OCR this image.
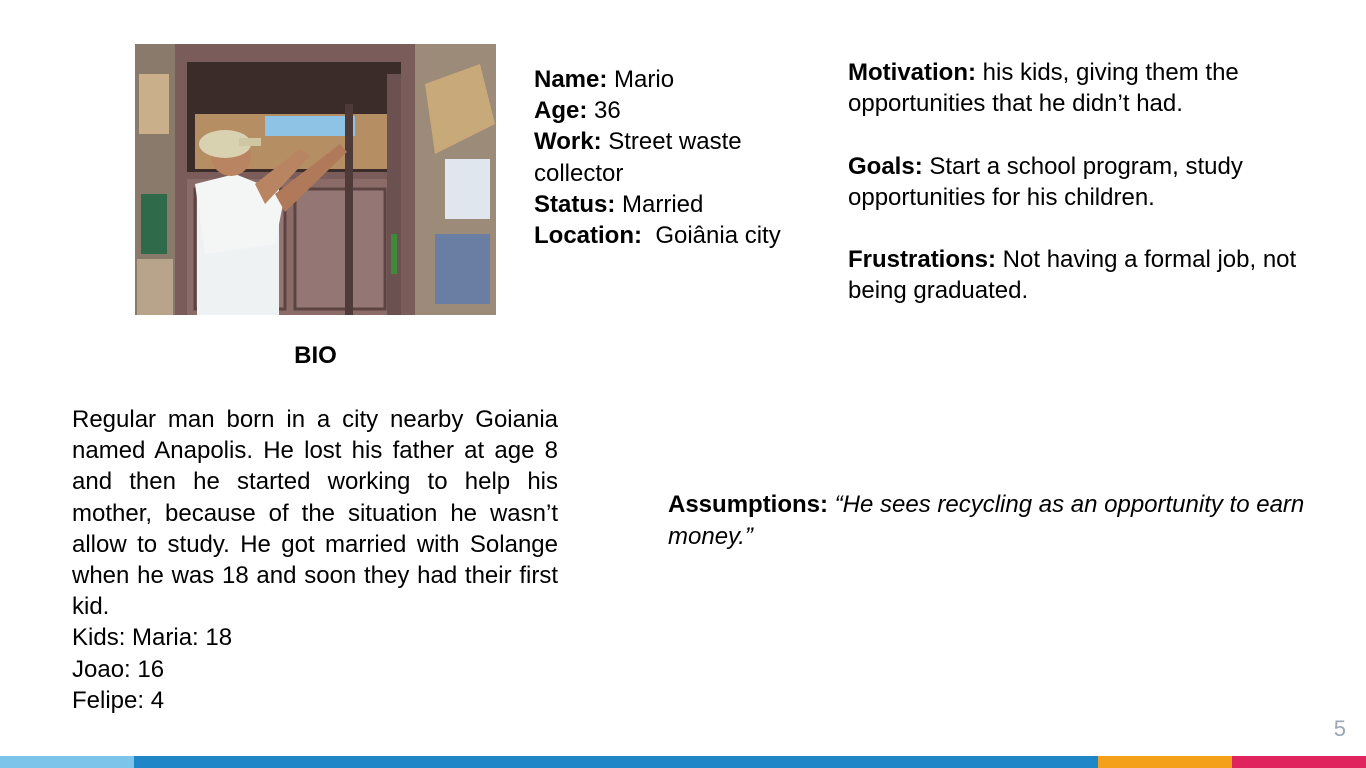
BIO
Regular man born in a city nearby Goiania named Anapolis. He lost his father at age 8 and then he started working to help his mother, because of the situation he wasn’t allow to study. He got married with Solange when he was 18 and soon they had their first kid.
Kids: Maria: 18
Joao: 16
Felipe: 4
Name: Mario
Age: 36
Work: Street waste collector
Status: Married
Location:  Goiânia city
Motivation: his kids, giving them the opportunities that he didn’t had.
Goals: Start a school program, study opportunities for his children.
Frustrations: Not having a formal job, not being graduated.
Assumptions: “He sees recycling as an opportunity to earn money.”
5
